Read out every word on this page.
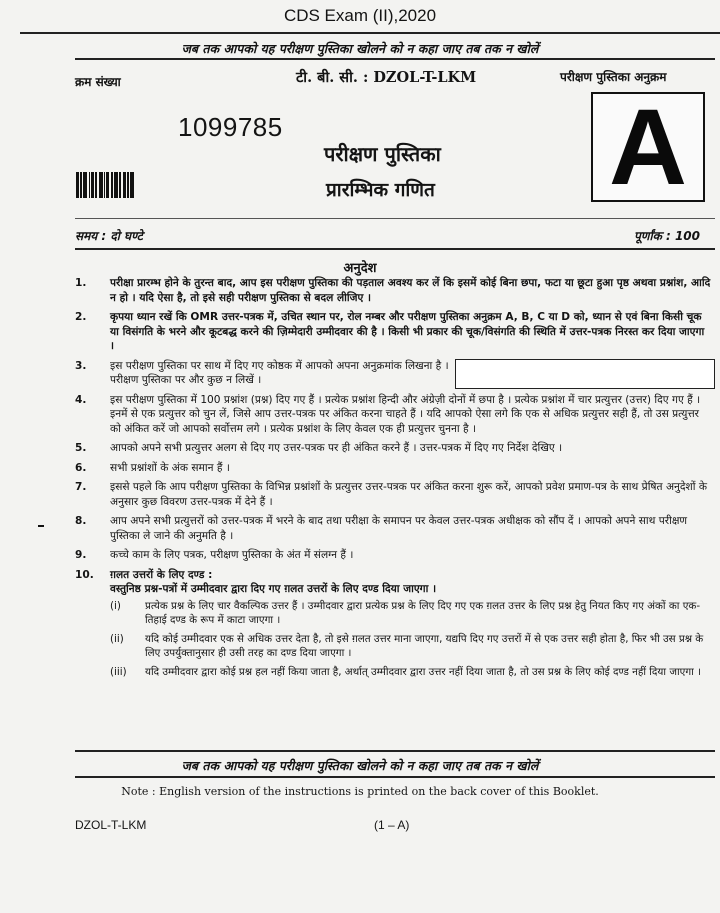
CDS Exam (II),2020
जब तक आपको यह परीक्षण पुस्तिका खोलने को न कहा जाए तब तक न खोलें
क्रम संख्या	टी. बी. सी. : DZOL-T-LKM	परीक्षण पुस्तिका अनुक्रम
1099785
परीक्षण पुस्तिका
प्रारम्भिक गणित A
समय : दो घण्टे	पूर्णांक : 100
अनुदेश
1. परीक्षा प्रारम्भ होने के तुरन्त बाद, आप इस परीक्षण पुस्तिका की पड़ताल अवश्य कर लें कि इसमें कोई बिना छपा, फटा या छूटा हुआ पृष्ठ अथवा प्रश्नांश, आदि न हो । यदि ऐसा है, तो इसे सही परीक्षण पुस्तिका से बदल लीजिए ।
2. कृपया ध्यान रखें कि OMR उत्तर-पत्रक में, उचित स्थान पर, रोल नम्बर और परीक्षण पुस्तिका अनुक्रम A, B, C या D को, ध्यान से एवं बिना किसी चूक या विसंगति के भरने और कूटबद्ध करने की ज़िम्मेदारी उम्मीदवार की है । किसी भी प्रकार की चूक/विसंगति की स्थिति में उत्तर-पत्रक निरस्त कर दिया जाएगा ।
3. इस परीक्षण पुस्तिका पर साथ में दिए गए कोष्ठक में आपको अपना अनुक्रमांक लिखना है । परीक्षण पुस्तिका पर और कुछ न लिखें ।
4. इस परीक्षण पुस्तिका में 100 प्रश्नांश (प्रश्न) दिए गए हैं । प्रत्येक प्रश्नांश हिन्दी और अंग्रेज़ी दोनों में छपा है । प्रत्येक प्रश्नांश में चार प्रत्युत्तर (उत्तर) दिए गए हैं । इनमें से एक प्रत्युत्तर को चुन लें, जिसे आप उत्तर-पत्रक पर अंकित करना चाहते हैं । यदि आपको ऐसा लगे कि एक से अधिक प्रत्युत्तर सही हैं, तो उस प्रत्युत्तर को अंकित करें जो आपको सर्वोत्तम लगे । प्रत्येक प्रश्नांश के लिए केवल एक ही प्रत्युत्तर चुनना है ।
5. आपको अपने सभी प्रत्युत्तर अलग से दिए गए उत्तर-पत्रक पर ही अंकित करने हैं । उत्तर-पत्रक में दिए गए निर्देश देखिए ।
6. सभी प्रश्नांशों के अंक समान हैं ।
7. इससे पहले कि आप परीक्षण पुस्तिका के विभिन्न प्रश्नांशों के प्रत्युत्तर उत्तर-पत्रक पर अंकित करना शुरू करें, आपको प्रवेश प्रमाण-पत्र के साथ प्रेषित अनुदेशों के अनुसार कुछ विवरण उत्तर-पत्रक में देने हैं ।
8. आप अपने सभी प्रत्युत्तरों को उत्तर-पत्रक में भरने के बाद तथा परीक्षा के समापन पर केवल उत्तर-पत्रक अधीक्षक को सौंप दें । आपको अपने साथ परीक्षण पुस्तिका ले जाने की अनुमति है ।
9. कच्चे काम के लिए पत्रक, परीक्षण पुस्तिका के अंत में संलग्न हैं ।
10. ग़लत उत्तरों के लिए दण्ड :
वस्तुनिष्ठ प्रश्न-पत्रों में उम्मीदवार द्वारा दिए गए ग़लत उत्तरों के लिए दण्ड दिया जाएगा ।
(i) प्रत्येक प्रश्न के लिए चार वैकल्पिक उत्तर हैं । उम्मीदवार द्वारा प्रत्येक प्रश्न के लिए दिए गए एक ग़लत उत्तर के लिए प्रश्न हेतु नियत किए गए अंकों का एक-तिहाई दण्ड के रूप में काटा जाएगा ।
(ii) यदि कोई उम्मीदवार एक से अधिक उत्तर देता है, तो इसे ग़लत उत्तर माना जाएगा, यद्यपि दिए गए उत्तरों में से एक उत्तर सही होता है, फिर भी उस प्रश्न के लिए उपर्युक्तानुसार ही उसी तरह का दण्ड दिया जाएगा ।
(iii) यदि उम्मीदवार द्वारा कोई प्रश्न हल नहीं किया जाता है, अर्थात् उम्मीदवार द्वारा उत्तर नहीं दिया जाता है, तो उस प्रश्न के लिए कोई दण्ड नहीं दिया जाएगा ।
जब तक आपको यह परीक्षण पुस्तिका खोलने को न कहा जाए तब तक न खोलें
Note : English version of the instructions is printed on the back cover of this Booklet.
DZOL-T-LKM	(1 – A)
